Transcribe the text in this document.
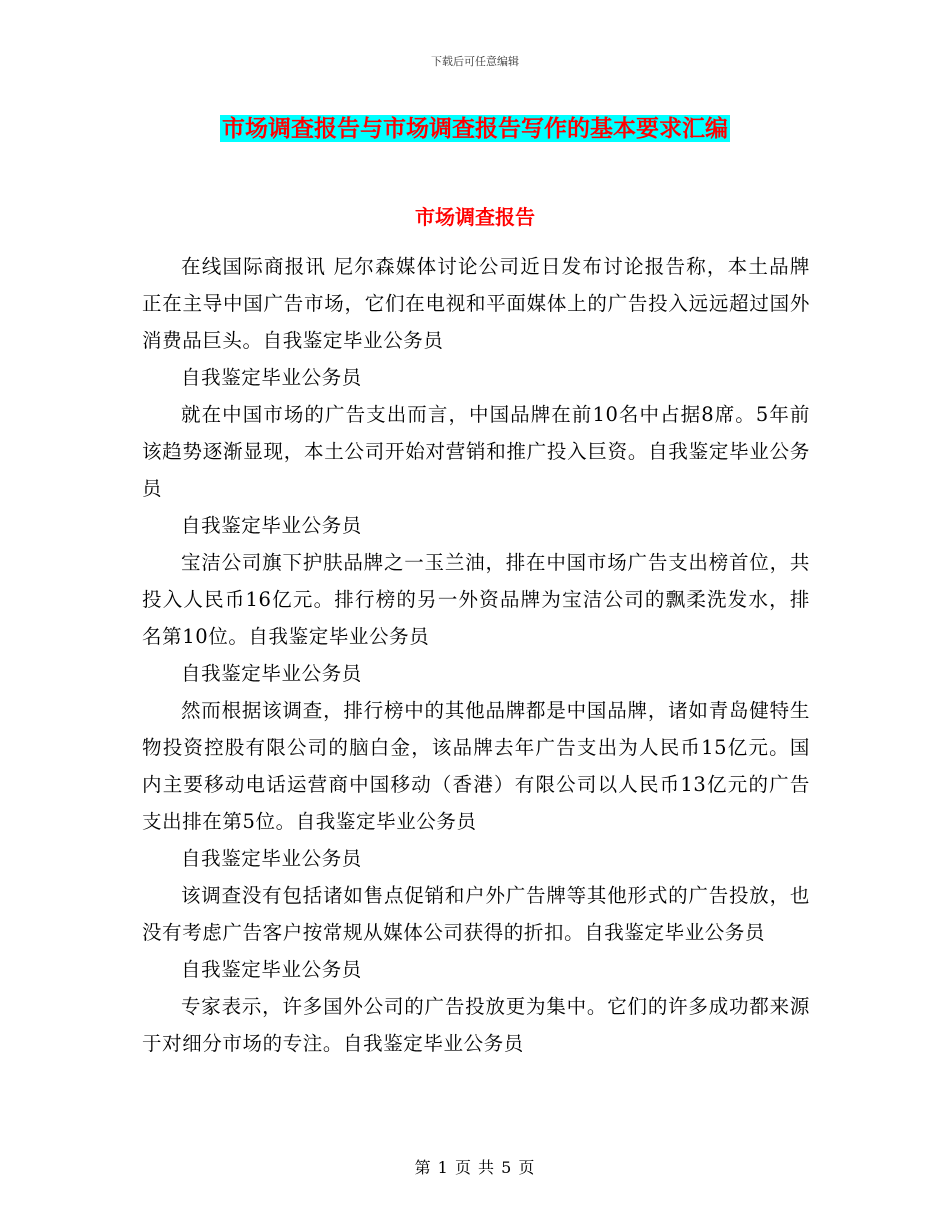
下载后可任意编辑
市场调查报告与市场调查报告写作的基本要求汇编
市场调查报告

在线国际商报讯 尼尔森媒体讨论公司近日发布讨论报告称，本土品牌正在主导中国广告市场，它们在电视和平面媒体上的广告投入远远超过国外消费品巨头。自我鉴定毕业公务员

自我鉴定毕业公务员

就在中国市场的广告支出而言，中国品牌在前10名中占据8席。5年前该趋势逐渐显现，本土公司开始对营销和推广投入巨资。自我鉴定毕业公务员

自我鉴定毕业公务员

宝洁公司旗下护肤品牌之一玉兰油，排在中国市场广告支出榜首位，共投入人民币16亿元。排行榜的另一外资品牌为宝洁公司的飘柔洗发水，排名第10位。自我鉴定毕业公务员

自我鉴定毕业公务员

然而根据该调查，排行榜中的其他品牌都是中国品牌，诸如青岛健特生物投资控股有限公司的脑白金，该品牌去年广告支出为人民币15亿元。国内主要移动电话运营商中国移动（香港）有限公司以人民币13亿元的广告支出排在第5位。自我鉴定毕业公务员

自我鉴定毕业公务员

该调查没有包括诸如售点促销和户外广告牌等其他形式的广告投放，也没有考虑广告客户按常规从媒体公司获得的折扣。自我鉴定毕业公务员

自我鉴定毕业公务员

专家表示，许多国外公司的广告投放更为集中。它们的许多成功都来源于对细分市场的专注。自我鉴定毕业公务员

第 1 页 共 5 页
